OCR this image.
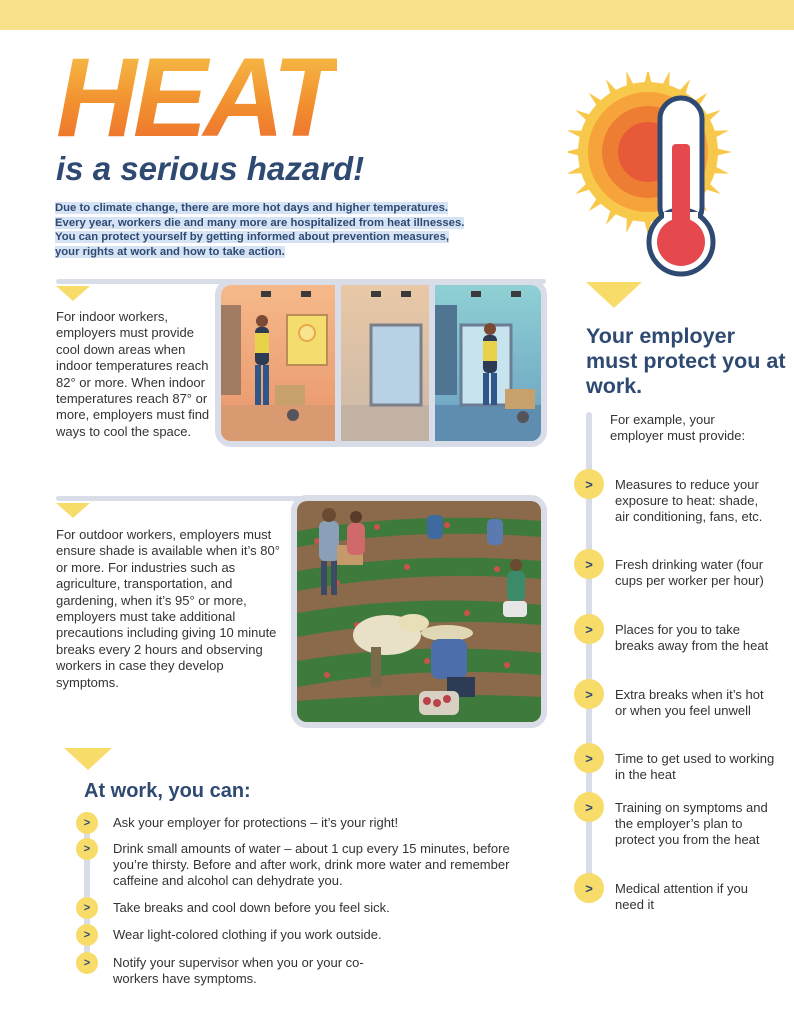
HEAT
is a serious hazard!
Due to climate change, there are more hot days and higher temperatures.
Every year, workers die and many more are hospitalized from heat illnesses.
You can protect yourself by getting informed about prevention measures,
your rights at work and how to take action.
For indoor workers, employers must provide cool down areas when indoor temperatures reach 82° or more. When indoor temperatures reach 87° or more, employers must find ways to cool the space.
For outdoor workers, employers must ensure shade is available when it’s 80° or more. For industries such as agriculture, transportation, and gardening, when it’s 95° or more, employers must take additional precautions including giving 10 minute breaks every 2 hours and observing workers in case they develop symptoms.
Your employer must protect you at work.
For example, your employer must provide:
>	Measures to reduce your exposure to heat: shade, air conditioning, fans, etc.
>	Fresh drinking water (four cups per worker per hour)
>	Places for you to take breaks away from the heat
>	Extra breaks when it’s hot or when you feel unwell
>	Time to get used to working in the heat
>	Training on symptoms and the employer’s plan to protect you from the heat
>	Medical attention if you need it
At work, you can:
>	Ask your employer for protections – it’s your right!
>	Drink small amounts of water – about 1 cup every 15 minutes, before you’re thirsty. Before and after work, drink more water and remember caffeine and alcohol can dehydrate you.
>	Take breaks and cool down before you feel sick.
>	Wear light-colored clothing if you work outside.
>	Notify your supervisor when you or your co-workers have symptoms.
